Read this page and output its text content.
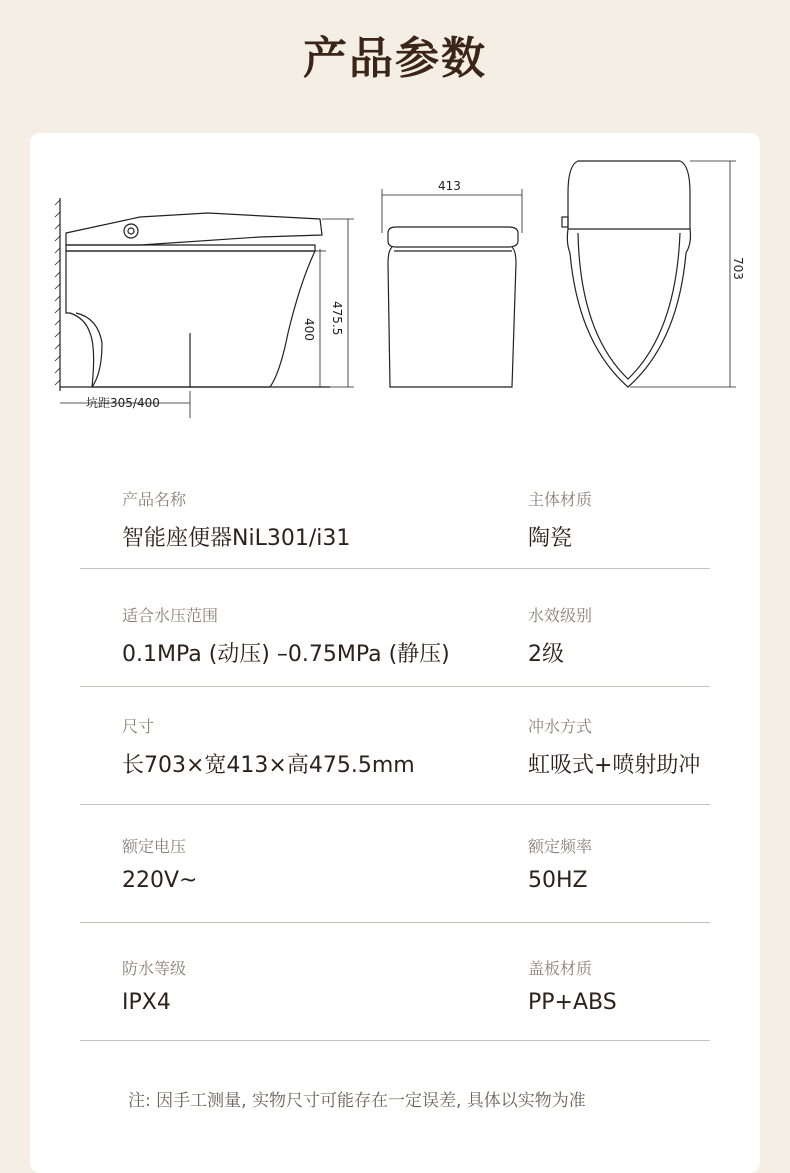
产品参数
坑距305/400
400 475.5
413
703
产品名称
智能座便器NiL301/i31
主体材质
陶瓷
适合水压范围
0.1MPa (动压) –0.75MPa (静压)
水效级别
2级
尺寸
长703×宽413×高475.5mm
冲水方式
虹吸式+喷射助冲
额定电压
220V~
额定频率
50HZ
防水等级
IPX4
盖板材质
PP+ABS
注: 因手工测量, 实物尺寸可能存在一定误差, 具体以实物为准
